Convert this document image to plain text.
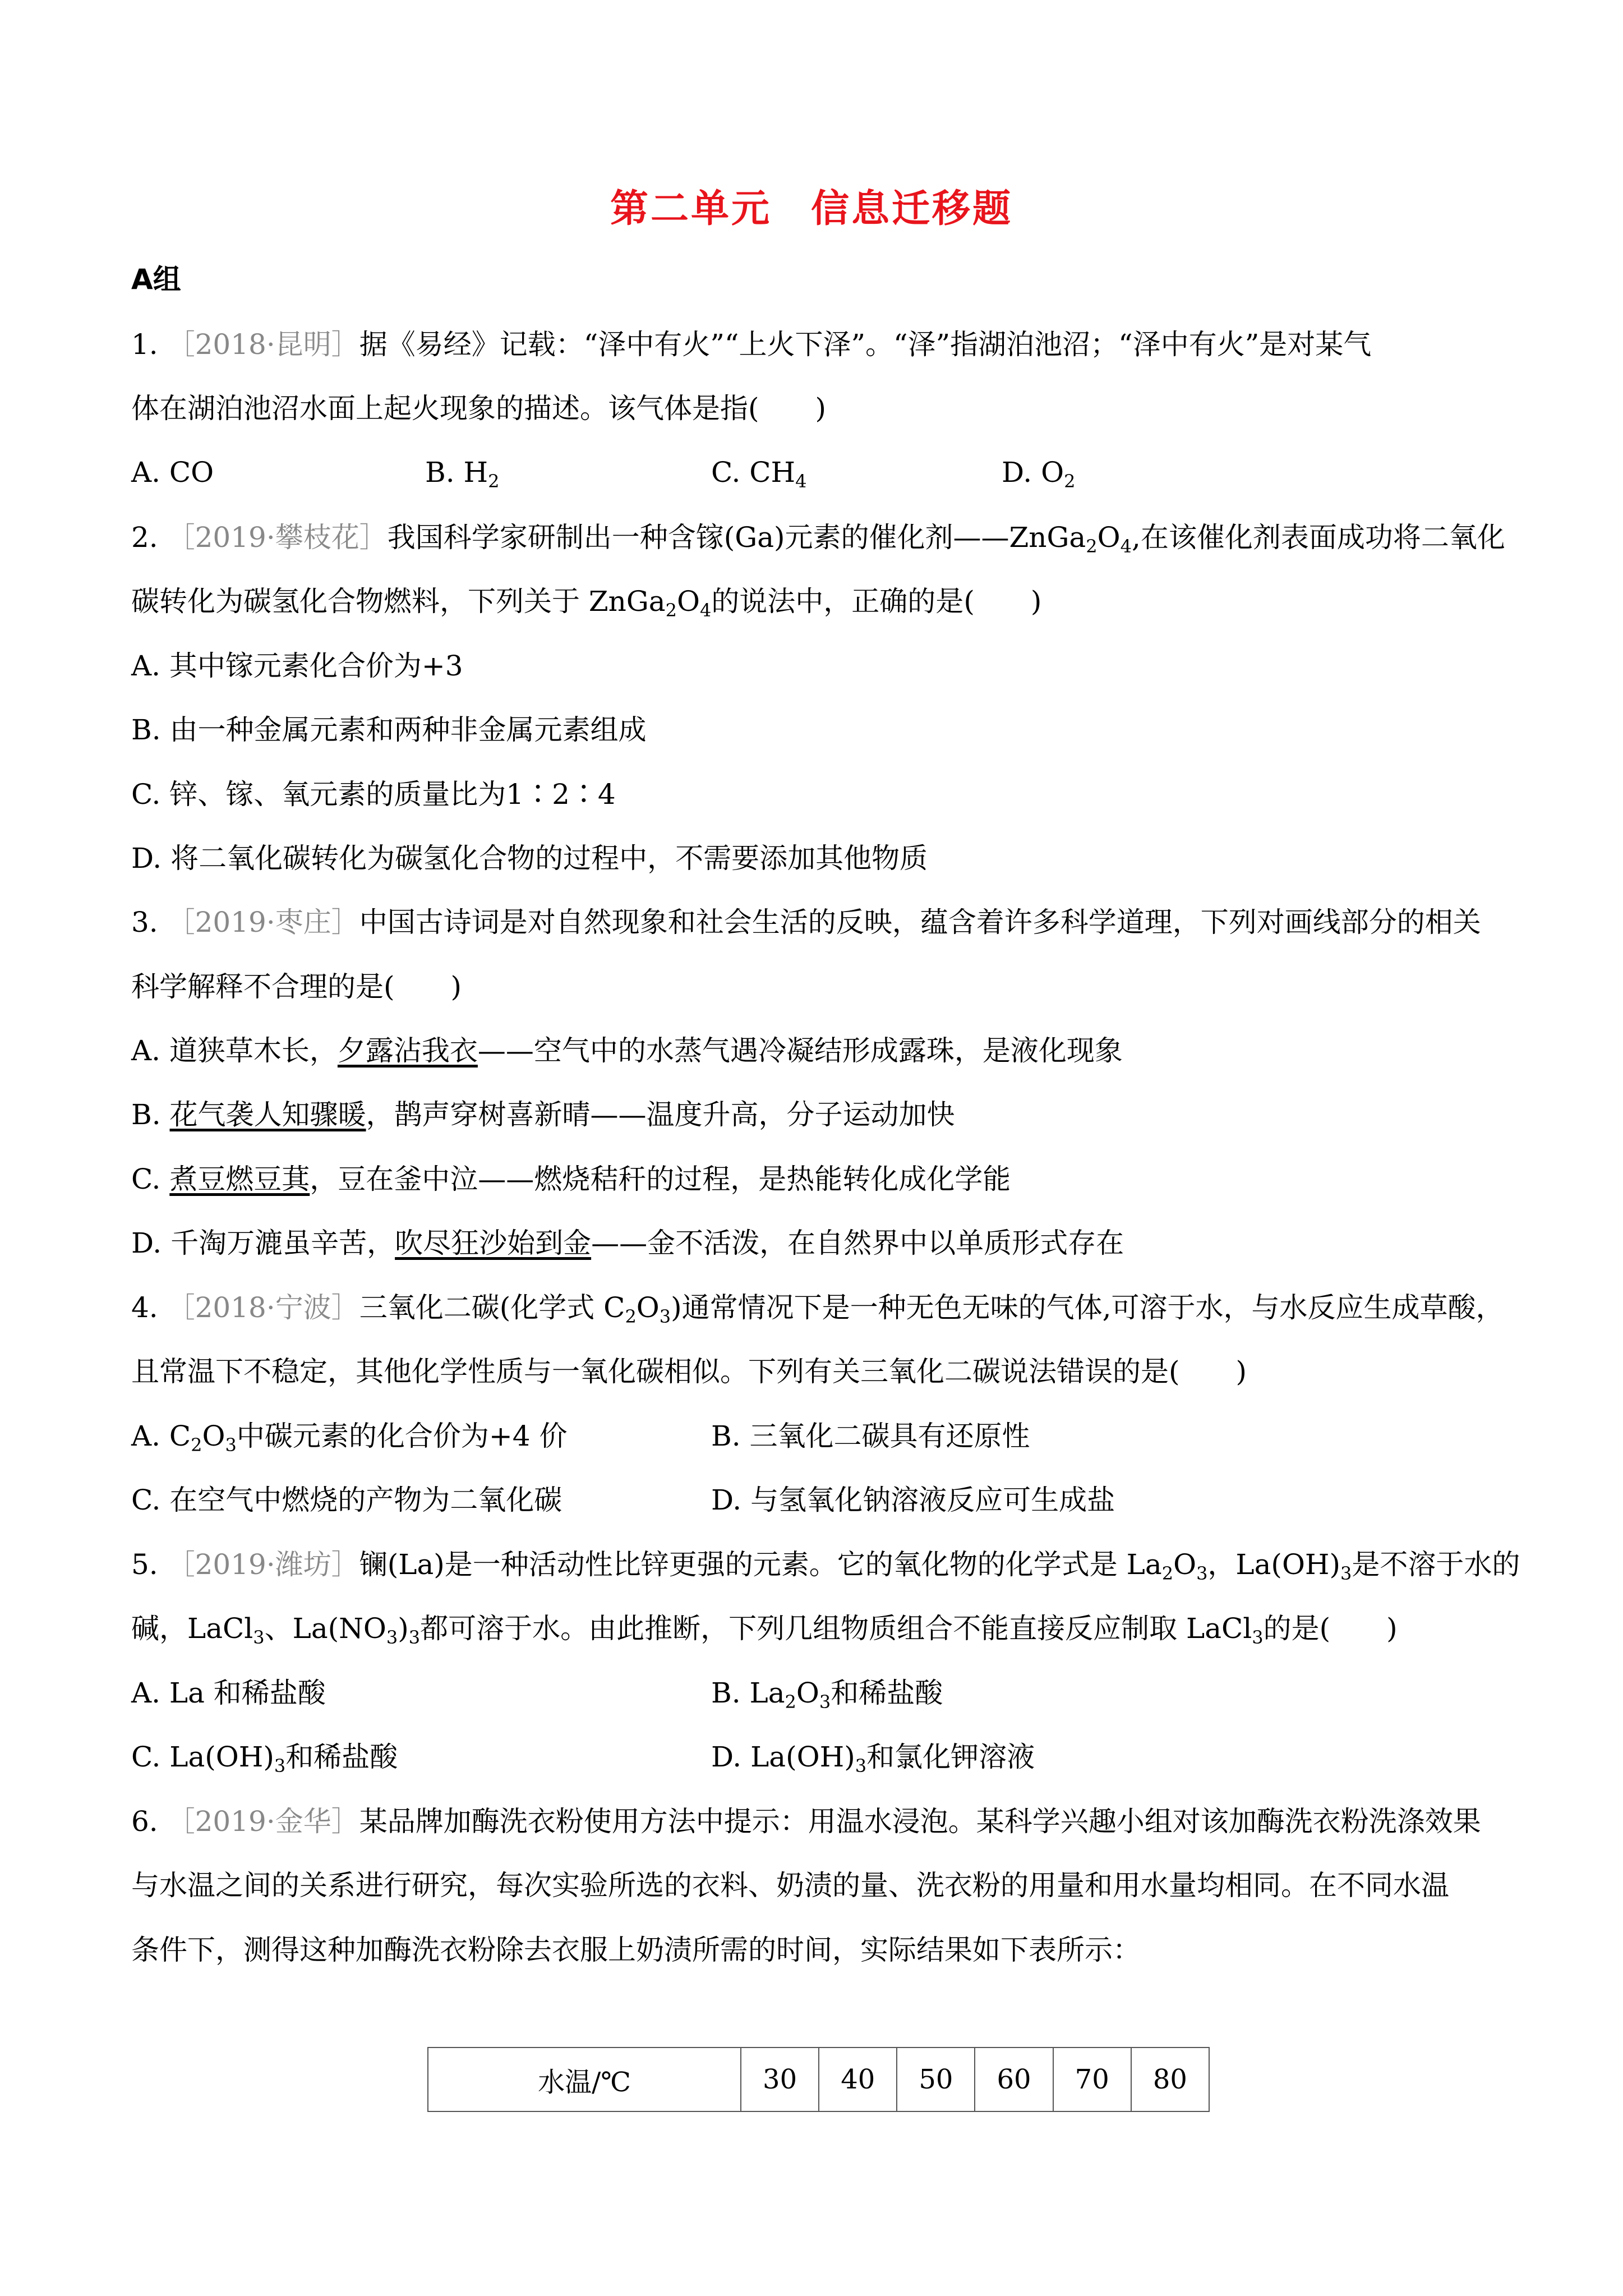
第二单元 信息迁移题
A组
1. ［2018·昆明］据《易经》记载：“泽中有火”“上火下泽”。“泽”指湖泊池沼；“泽中有火”是对某气
体在湖泊池沼水面上起火现象的描述。该气体是指(　　)
A. CO	B. $H_2$	C. $CH_4$	D. $O_2$
2. ［2019·攀枝花］我国科学家研制出一种含镓(Ga)元素的催化剂$——ZnGa_2O_4$,在该催化剂表面成功将二氧化
碳转化为碳氢化合物燃料，下列关于 $ZnGa_2O_4$的说法中，正确的是(　　)
A. 其中镓元素化合价为+3
B. 由一种金属元素和两种非金属元素组成
C. 锌、镓、氧元素的质量比为1∶2∶4
D. 将二氧化碳转化为碳氢化合物的过程中，不需要添加其他物质
3. ［2019·枣庄］中国古诗词是对自然现象和社会生活的反映，蕴含着许多科学道理，下列对画线部分的相关
科学解释不合理的是(　　)
A. 道狭草木长，夕露沾我衣——空气中的水蒸气遇冷凝结形成露珠，是液化现象
B. 花气袭人知骤暖，鹊声穿树喜新晴——温度升高，分子运动加快
C. 煮豆燃豆萁，豆在釜中泣——燃烧秸秆的过程，是热能转化成化学能
D. 千淘万漉虽辛苦，吹尽狂沙始到金——金不活泼，在自然界中以单质形式存在
4. ［2018·宁波］三氧化二碳(化学式 $C_2O_3$)通常情况下是一种无色无味的气体,可溶于水，与水反应生成草酸，
且常温下不稳定，其他化学性质与一氧化碳相似。下列有关三氧化二碳说法错误的是(　　)
A. $C_2O_3$中碳元素的化合价为+4 价	B. 三氧化二碳具有还原性
C. 在空气中燃烧的产物为二氧化碳	D. 与氢氧化钠溶液反应可生成盐
5. ［2019·潍坊］镧(La)是一种活动性比锌更强的元素。它的氧化物的化学式是 $La_2O_3$，$La(OH)_3$是不溶于水的
碱，LaCl$_3$、$La(NO_3)_3$都可溶于水。由此推断，下列几组物质组合不能直接反应制取 LaCl$_3$的是(　　)
A. La 和稀盐酸	B. $La_2O_3$和稀盐酸
C. $La(OH)_3$和稀盐酸	D. $La(OH)_3$和氯化钾溶液
6. ［2019·金华］某品牌加酶洗衣粉使用方法中提示：用温水浸泡。某科学兴趣小组对该加酶洗衣粉洗涤效果
与水温之间的关系进行研究，每次实验所选的衣料、奶渍的量、洗衣粉的用量和用水量均相同。在不同水温
条件下，测得这种加酶洗衣粉除去衣服上奶渍所需的时间，实际结果如下表所示：
水温/℃	30	40	50	60	70	80
